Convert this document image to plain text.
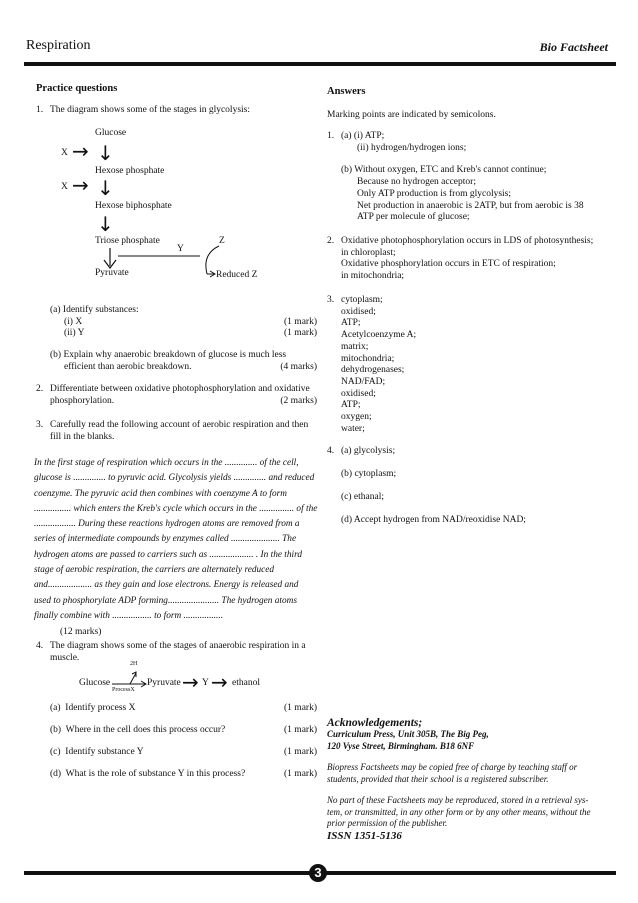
Respiration	Bio Factsheet
Practice questions
1. The diagram shows some of the stages in glycolysis:
Glucose
X → ↓
Hexose phosphate
X → ↓
Hexose biphosphate
↓
Triose phosphate
Y
Z
Pyruvate	Reduced Z
(a) Identify substances:
(i) X	(1 mark)
(ii) Y	(1 mark)
(b) Explain why anaerobic breakdown of glucose is much less
efficient than aerobic breakdown.	(4 marks)
2. Differentiate between oxidative photophosphorylation and oxidative
phosphorylation.	(2 marks)
3. Carefully read the following account of aerobic respiration and then
fill in the blanks.
In the first stage of respiration which occurs in the .............. of the cell,
glucose is .............. to pyruvic acid. Glycolysis yields .............. and reduced
coenzyme. The pyruvic acid then combines with coenzyme A to form
................ which enters the Kreb's cycle which occurs in the ............... of the
.................. During these reactions hydrogen atoms are removed from a
series of intermediate compounds by enzymes called ..................... The
hydrogen atoms are passed to carriers such as ................... . In the third
stage of aerobic respiration, the carriers are alternately reduced
and................... as they gain and lose electrons. Energy is released and
used to phosphorylate ADP forming...................... The hydrogen atoms
finally combine with ................. to form .................
(12 marks)
4. The diagram shows some of the stages of anaerobic respiration in a
muscle.
Glucose
2H
ProcessX
Pyruvate → Y → ethanol
(a) Identify process X	(1 mark)
(b) Where in the cell does this process occur?	(1 mark)
(c) Identify substance Y	(1 mark)
(d) What is the role of substance Y in this process?	(1 mark)
Answers
Marking points are indicated by semicolons.
1. (a) (i) ATP;
(ii) hydrogen/hydrogen ions;
(b) Without oxygen, ETC and Kreb's cannot continue;
Because no hydrogen acceptor;
Only ATP production is from glycolysis;
Net production in anaerobic is 2ATP, but from aerobic is 38
ATP per molecule of glucose;
2. Oxidative photophosphorylation occurs in LDS of photosynthesis;
in chloroplast;
Oxidative phosphorylation occurs in ETC of respiration;
in mitochondria;
3. cytoplasm;
oxidised;
ATP;
Acetylcoenzyme A;
matrix;
mitochondria;
dehydrogenases;
NAD/FAD;
oxidised;
ATP;
oxygen;
water;
4. (a) glycolysis;
(b) cytoplasm;
(c) ethanal;
(d) Accept hydrogen from NAD/reoxidise NAD;
Acknowledgements;
Curriculum Press, Unit 305B, The Big Peg,
120 Vyse Street, Birmingham. B18 6NF
Biopress Factsheets may be copied free of charge by teaching staff or
students, provided that their school is a registered subscriber.
No part of these Factsheets may be reproduced, stored in a retrieval sys-
tem, or transmitted, in any other form or by any other means, without the
prior permission of the publisher.
ISSN 1351-5136
3
